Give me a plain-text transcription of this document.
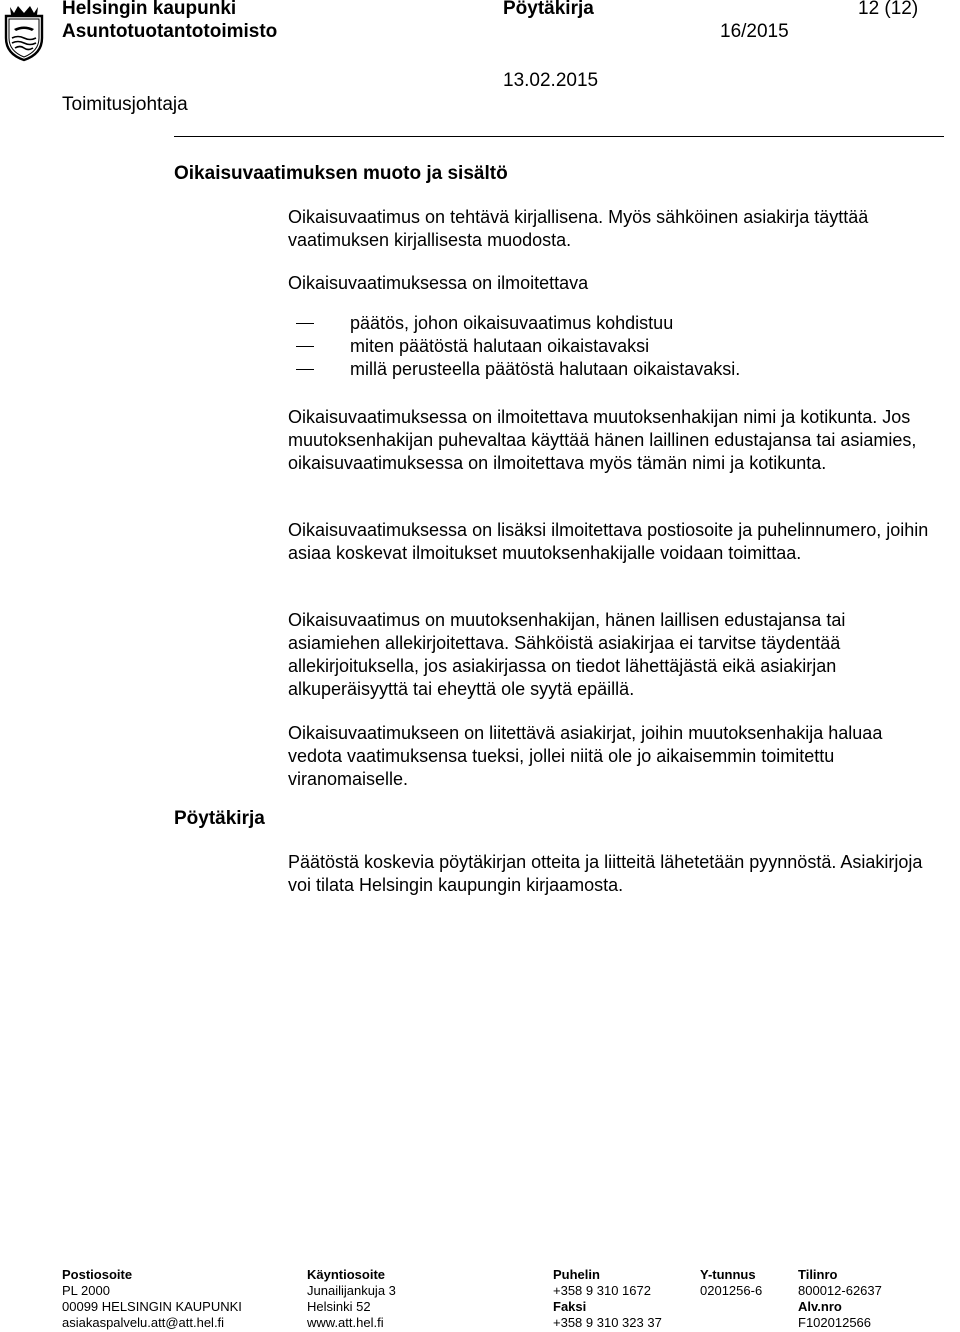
Helsingin kaupunki
Asuntotuotantotoimisto
Pöytäkirja	12 (12)
16/2015
Toimitusjohtaja
13.02.2015
Oikaisuvaatimuksen muoto ja sisältö

Oikaisuvaatimus on tehtävä kirjallisena. Myös sähköinen asiakirja täyttää vaatimuksen kirjallisesta muodosta.

Oikaisuvaatimuksessa on ilmoitettava

päätös, johon oikaisuvaatimus kohdistuu
miten päätöstä halutaan oikaistavaksi
millä perusteella päätöstä halutaan oikaistavaksi.

Oikaisuvaatimuksessa on ilmoitettava muutoksenhakijan nimi ja kotikunta. Jos muutoksenhakijan puhevaltaa käyttää hänen laillinen edustajansa tai asiamies, oikaisuvaatimuksessa on ilmoitettava myös tämän nimi ja kotikunta.

Oikaisuvaatimuksessa on lisäksi ilmoitettava postiosoite ja puhelinnumero, joihin asiaa koskevat ilmoitukset muutoksenhakijalle voidaan toimittaa.

Oikaisuvaatimus on muutoksenhakijan, hänen laillisen edustajansa tai asiamiehen allekirjoitettava. Sähköistä asiakirjaa ei tarvitse täydentää allekirjoituksella, jos asiakirjassa on tiedot lähettäjästä eikä asiakirjan alkuperäisyyttä tai eheyttä ole syytä epäillä.

Oikaisuvaatimukseen on liitettävä asiakirjat, joihin muutoksenhakija haluaa vedota vaatimuksensa tueksi, jollei niitä ole jo aikaisemmin toimitettu viranomaiselle.

Pöytäkirja

Päätöstä koskevia pöytäkirjan otteita ja liitteitä lähetetään pyynnöstä. Asiakirjoja voi tilata Helsingin kaupungin kirjaamosta.

Postiosoite
PL 2000
00099 HELSINGIN KAUPUNKI
asiakaspalvelu.att@att.hel.fi
Käyntiosoite
Junailijankuja 3
Helsinki 52
www.att.hel.fi
Puhelin
+358 9 310 1672
Faksi
+358 9 310 323 37
Y-tunnus
0201256-6
Tilinro
800012-62637
Alv.nro
F102012566
